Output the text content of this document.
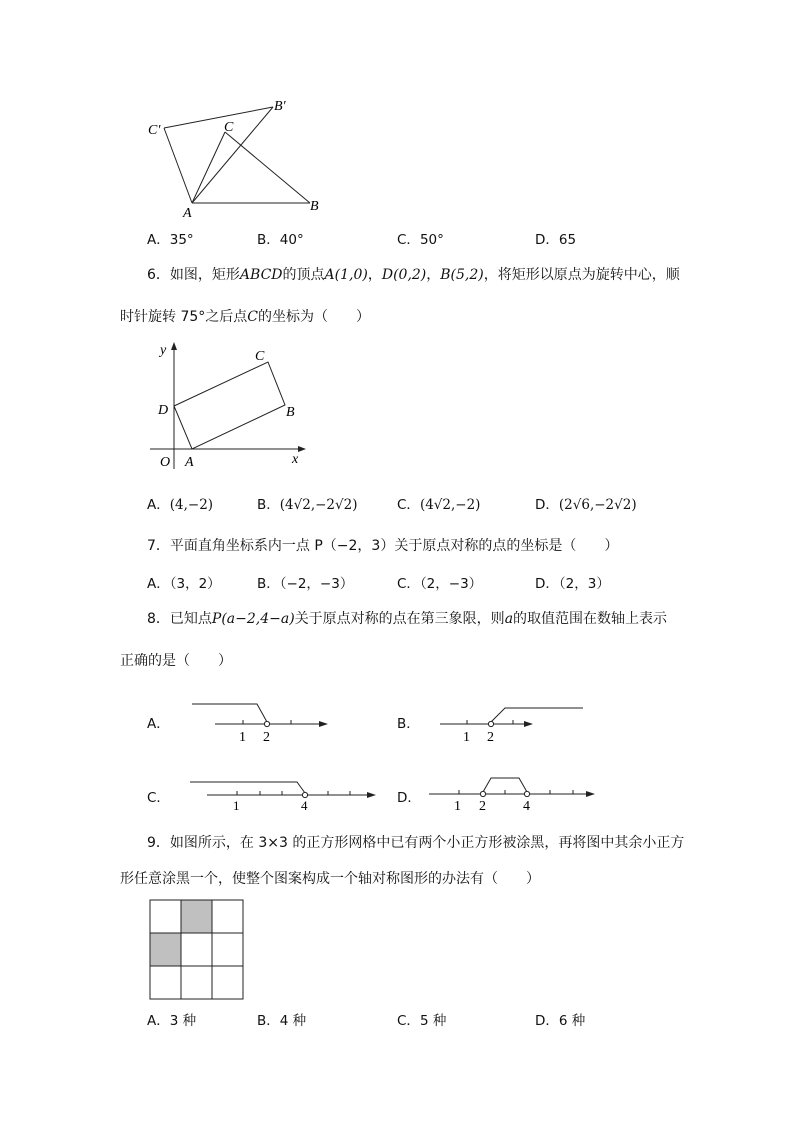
C′	C
B′
A	B
A．35°	B．40°	C．50°	D．65
6．如图，矩形ABCD的顶点A(1,0)，D(0,2)，B(5,2)，将矩形以原点为旋转中心，顺
时针旋转 75°之后点C的坐标为（　　）
y
x
O A
D
C
B
A．(4,−2)	B．(4√2,−2√2)	C．(4√2,−2)	D．(2√6,−2√2)
7．平面直角坐标系内一点 P（−2，3）关于原点对称的点的坐标是（　　）
A．（3，2）	B．（−2，−3）	C．（2，−3）	D．（2，3）
8．已知点P(a−2,4−a)关于原点对称的点在第三象限，则a的取值范围在数轴上表示
正确的是（　　）
A．
1 2
B．
1 2
C．	1	4	D．
1 2	4
9．如图所示，在 3×3 的正方形网格中已有两个小正方形被涂黑，再将图中其余小正方
形任意涂黑一个，使整个图案构成一个轴对称图形的办法有（　　）
A．3 种	B．4 种	C．5 种	D．6 种
